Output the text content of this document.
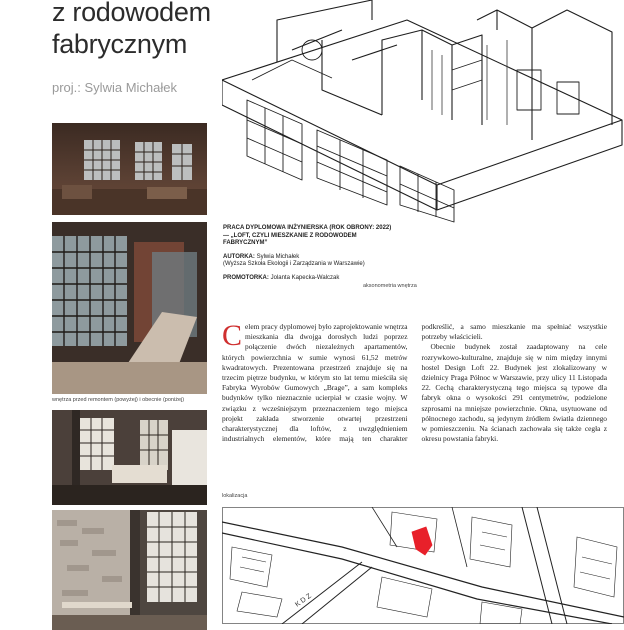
z rodowodem
fabrycznym
proj.: Sylwia Michałek
wnętrza przed remontem (powyżej) i obecnie (poniżej)
aksonometria wnętrza
PRACA DYPLOMOWA INŻYNIERSKA (ROK OBRONY: 2022) — „LOFT, CZYLI MIESZKANIE Z RODOWODEM FABRYCZNYM”
AUTORKA: Sylwia Michałek
(Wyższa Szkoła Ekologii i Zarządzania w Warszawie)
PROMOTORKA: Jolanta Kapecka-Walczak

Celem pracy dyplomowej było zaprojektowanie wnętrza mieszkania dla dwojga dorosłych ludzi poprzez połączenie dwóch niezależnych apartamentów, których powierzchnia w sumie wynosi 61,52 metrów kwadratowych. Prezentowana przestrzeń znajduje się na trzecim piętrze budynku, w którym sto lat temu mieściła się Fabryka Wyrobów Gumowych „Brage”, a sam kompleks budynków tylko nieznacznie ucierpiał w czasie wojny. W związku z wcześniejszym przeznaczeniem tego miejsca projekt zakłada stworzenie otwartej przestrzeni charakterystycznej dla loftów, z uwzględnieniem industrialnych elementów, które mają ten charakter podkreślić, a samo mieszkanie ma spełniać wszystkie potrzeby właścicieli.

Obecnie budynek został zaadaptowany na cele rozrywkowo-kulturalne, znajduje się w nim między innymi hostel Design Loft 22. Budynek jest zlokalizowany w dzielnicy Praga Północ w Warszawie, przy ulicy 11 Listopada 22. Cechą charakterystyczną tego miejsca są typowe dla fabryk okna o wysokości 291 centymetrów, podzielone szprosami na mniejsze powierzchnie. Okna, usytuowane od północnego zachodu, są jedynym źródłem światła dziennego w pomieszczeniu. Na ścianach zachowała się także cegła z okresu powstania fabryki.

lokalizacja
K D Z
